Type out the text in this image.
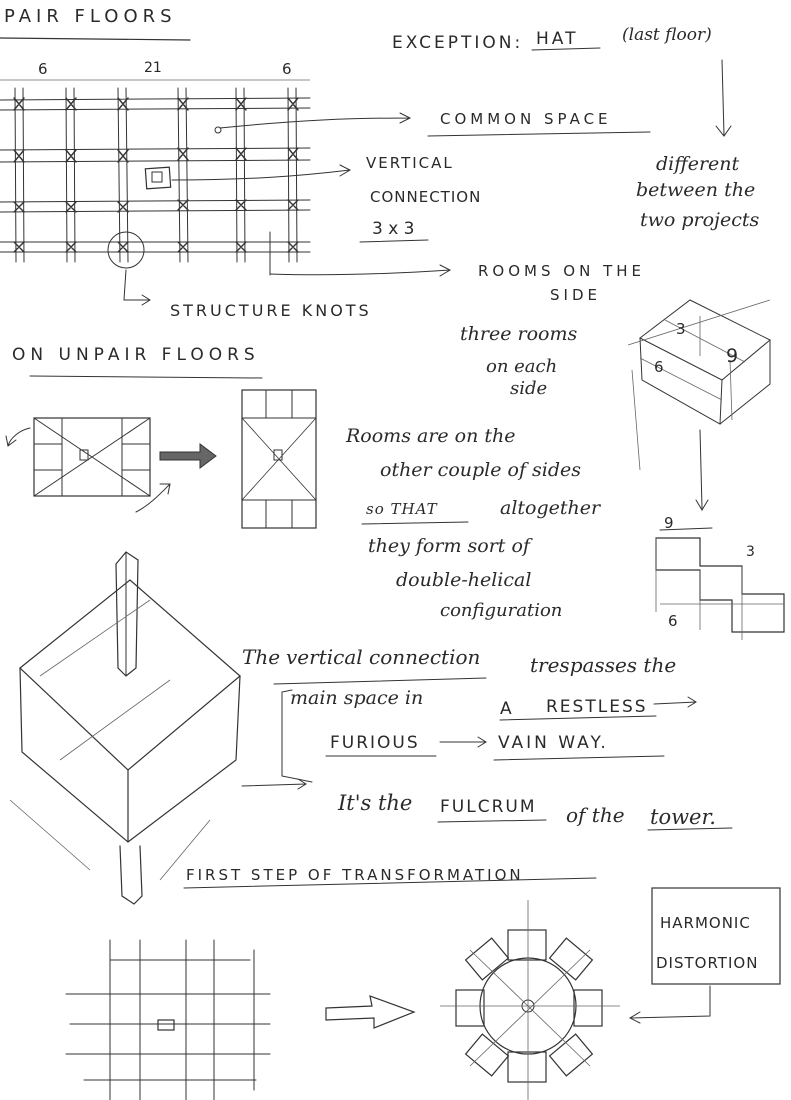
PAIR FLOORS
6	21	6
EXCEPTION: HAT	(last floor)
COMMON SPACE
VERTICAL
CONNECTION
3 x 3
different
between the
two projects
ROOMS ON THE
SIDE
STRUCTURE KNOTS
three rooms
on each
side
3
6	9
ON UNPAIR FLOORS
Rooms are on the
other couple of sides
so THAT	altogether
they form sort of
double-helical
configuration
9
3
6
The vertical connection trespasses the
main space in	A RESTLESS
FURIOUS	VAIN WAY.
It's the FULCRUM of the tower.
FIRST STEP OF TRANSFORMATION
HARMONIC
DISTORTION
